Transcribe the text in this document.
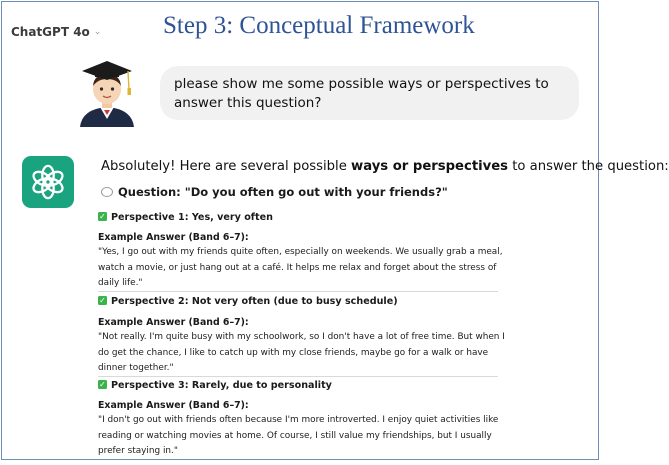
ChatGPT 4o ⌄ Step 3: Conceptual Framework
please show me some possible ways or perspectives to answer this question?
Absolutely! Here are several possible ways or perspectives to answer the question:
Question: "Do you often go out with your friends?"
✓ Perspective 1: Yes, very often
Example Answer (Band 6–7):
"Yes, I go out with my friends quite often, especially on weekends. We usually grab a meal, watch a movie, or just hang out at a café. It helps me relax and forget about the stress of daily life."
✓ Perspective 2: Not very often (due to busy schedule)
Example Answer (Band 6–7):
"Not really. I'm quite busy with my schoolwork, so I don't have a lot of free time. But when I do get the chance, I like to catch up with my close friends, maybe go for a walk or have dinner together."
✓ Perspective 3: Rarely, due to personality
Example Answer (Band 6–7):
"I don't go out with friends often because I'm more introverted. I enjoy quiet activities like reading or watching movies at home. Of course, I still value my friendships, but I usually prefer staying in."
